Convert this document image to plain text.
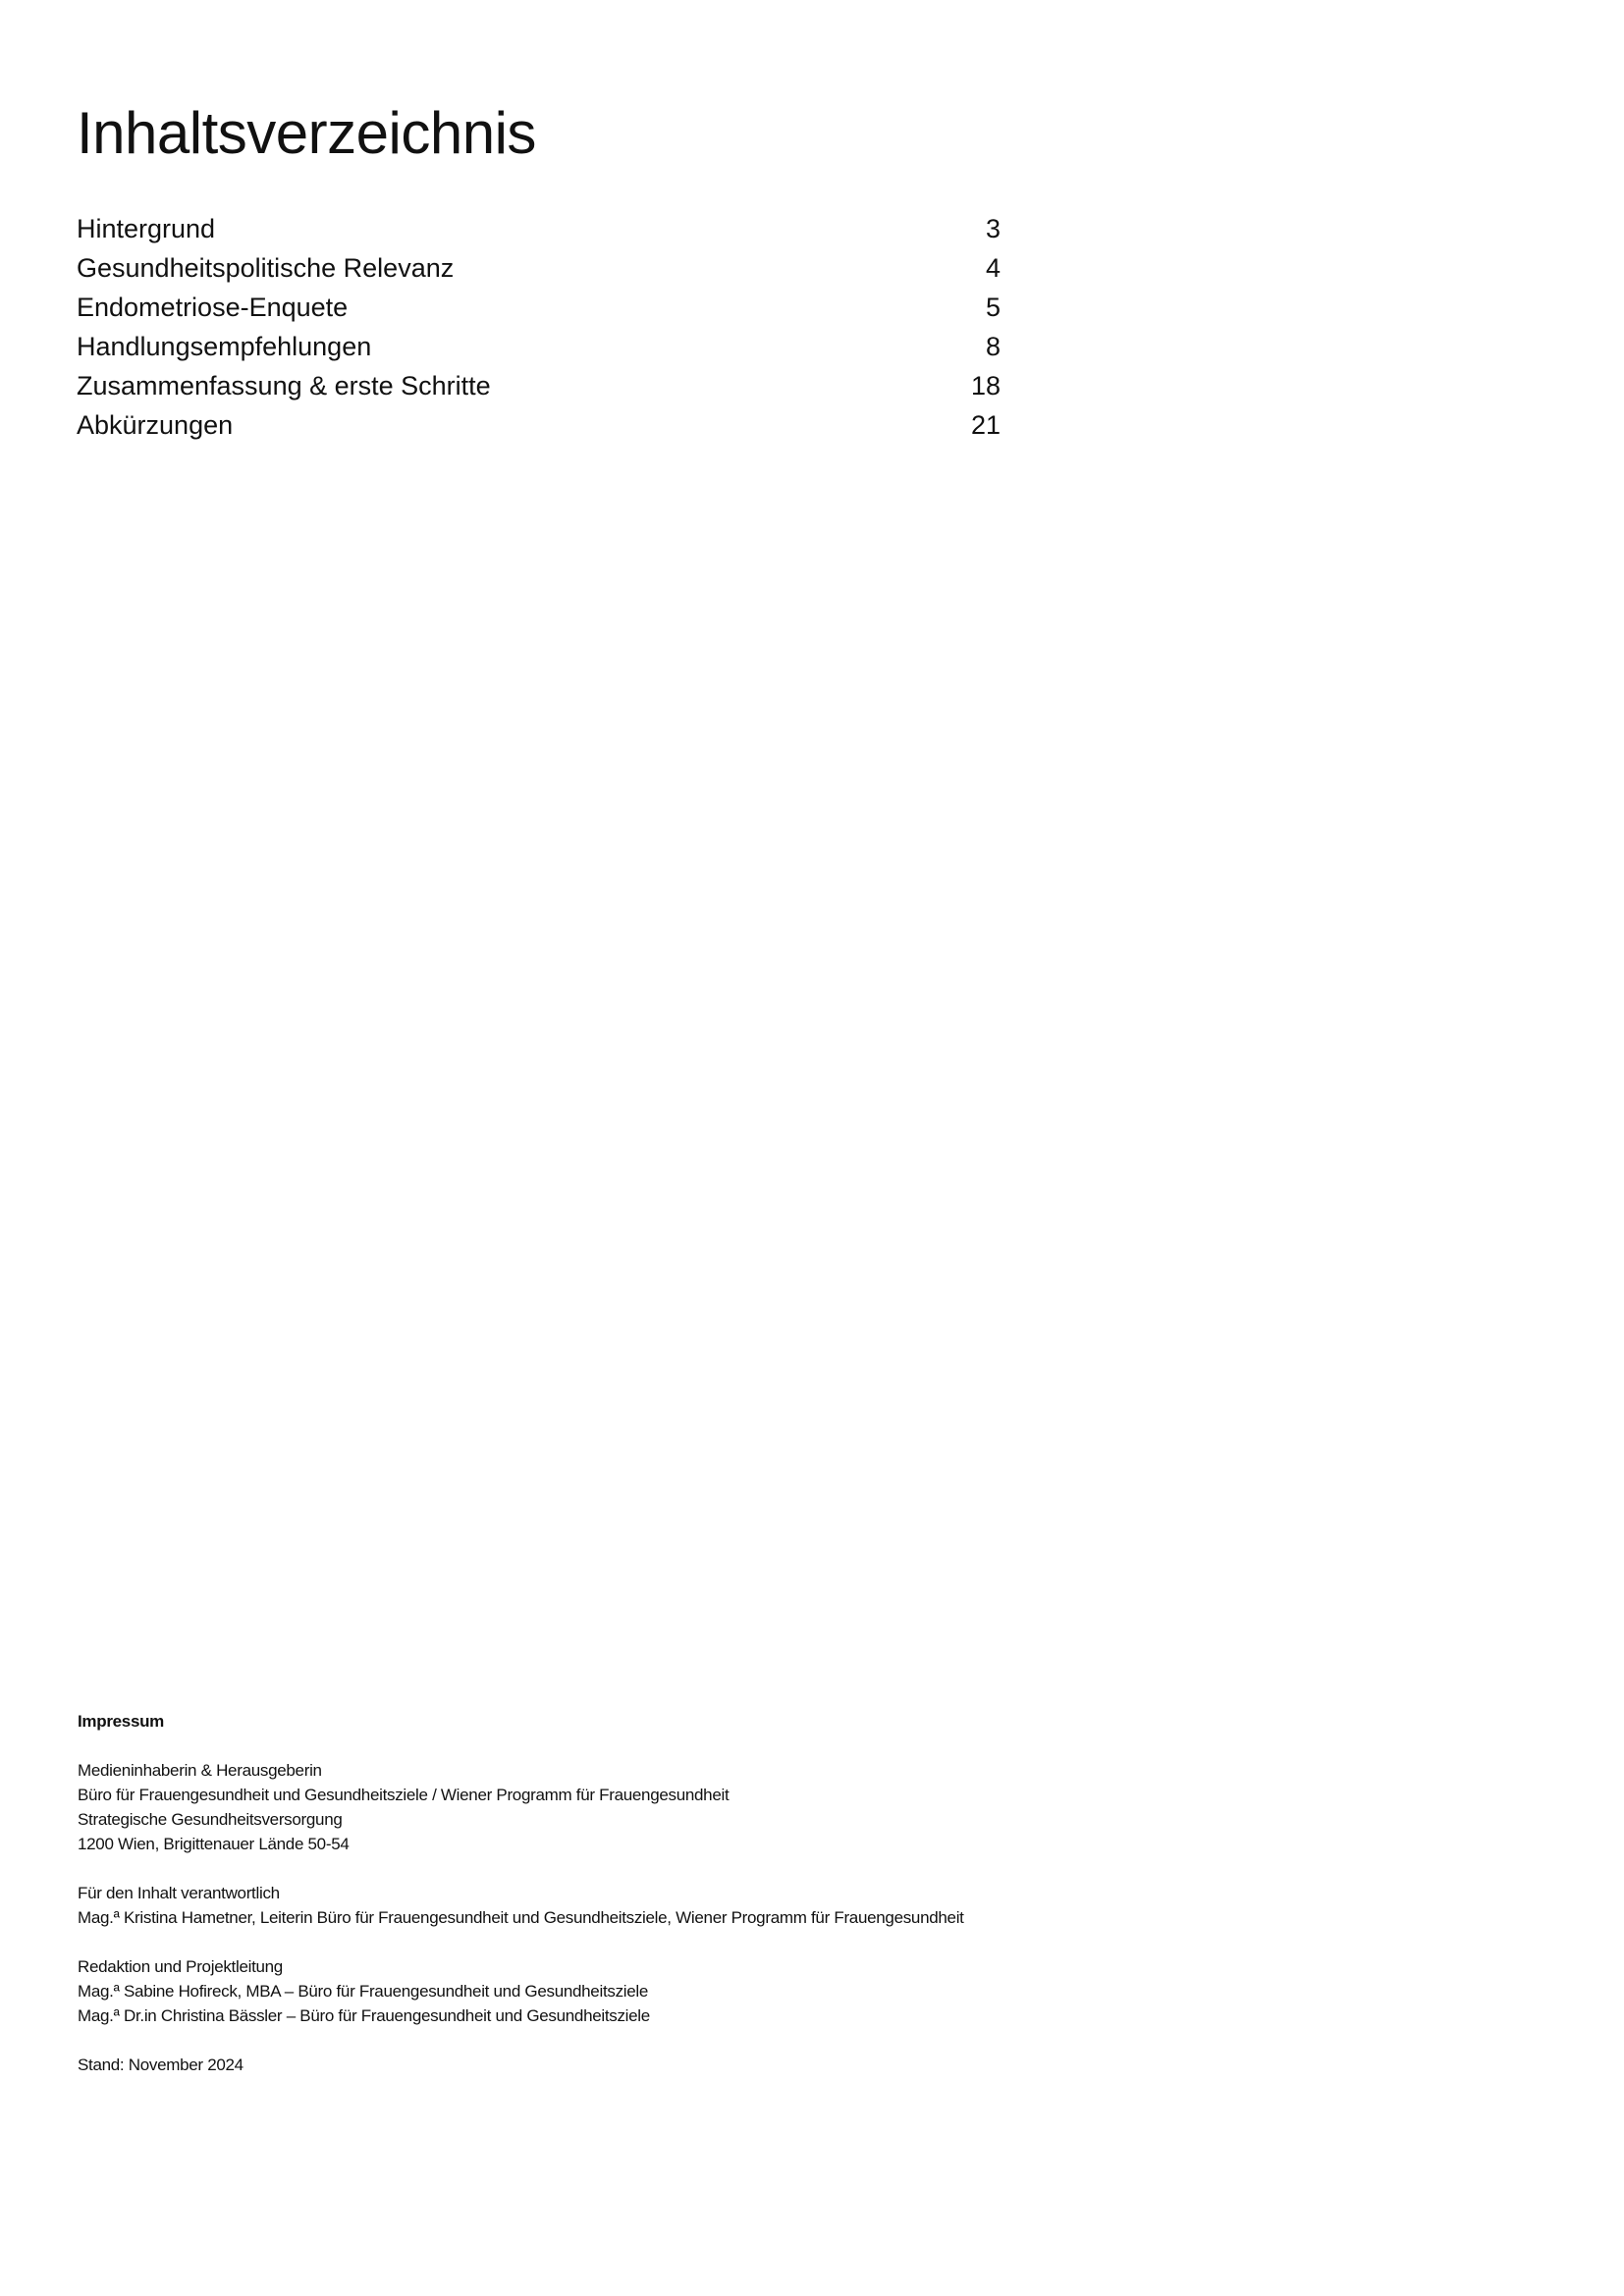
Inhaltsverzeichnis
Hintergrund	3
Gesundheitspolitische Relevanz	4
Endometriose-Enquete	5
Handlungsempfehlungen	8
Zusammenfassung & erste Schritte	18
Abkürzungen	21
Impressum
Medieninhaberin & Herausgeberin
Büro für Frauengesundheit und Gesundheitsziele / Wiener Programm für Frauengesundheit
Strategische Gesundheitsversorgung
1200 Wien, Brigittenauer Lände 50-54
Für den Inhalt verantwortlich
Mag.ª Kristina Hametner, Leiterin Büro für Frauengesundheit und Gesundheitsziele, Wiener Programm für Frauengesundheit
Redaktion und Projektleitung
Mag.ª Sabine Hofireck, MBA – Büro für Frauengesundheit und Gesundheitsziele
Mag.ª Dr.in Christina Bässler – Büro für Frauengesundheit und Gesundheitsziele
Stand: November 2024
